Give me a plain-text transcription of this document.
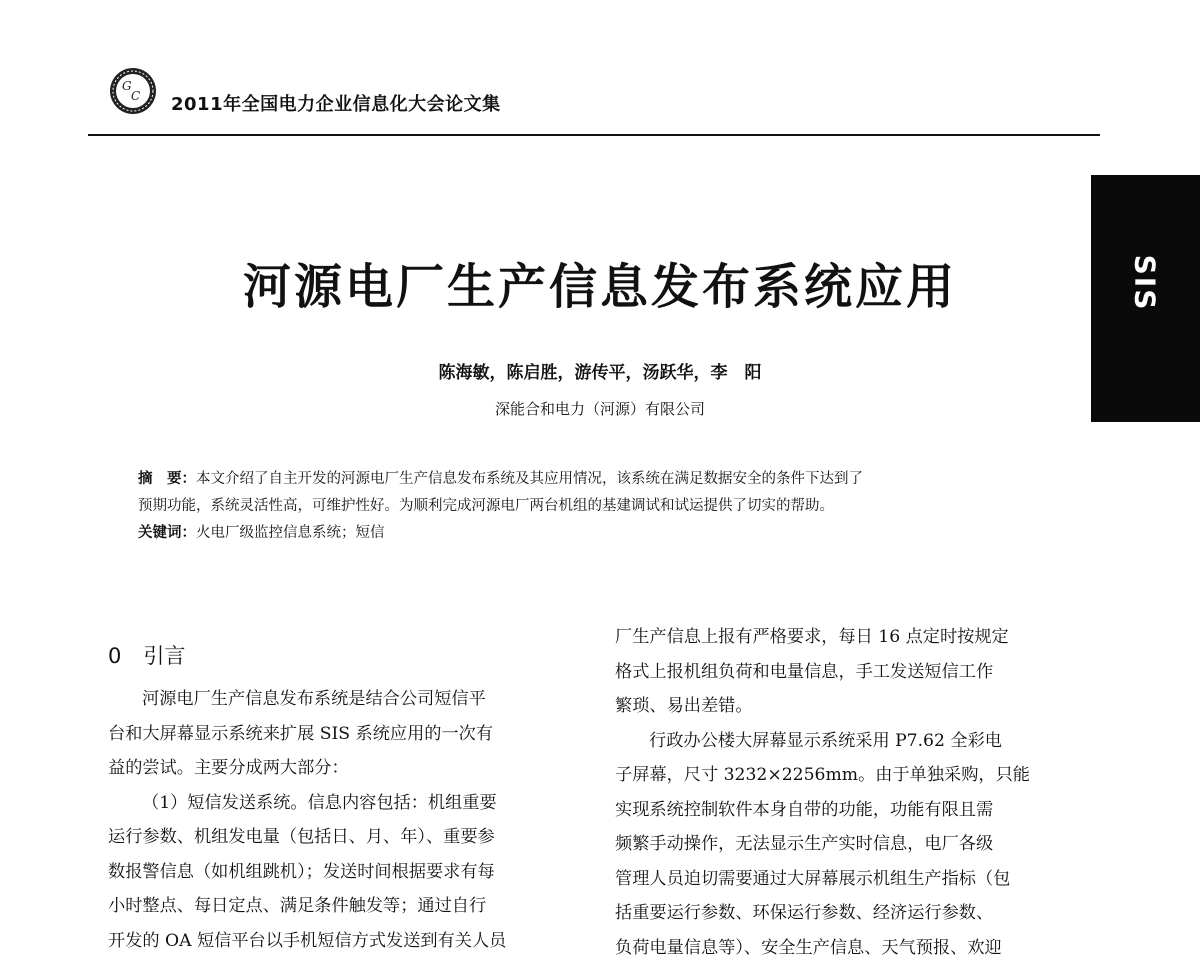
G
C 2011年全国电力企业信息化大会论文集
SIS
河源电厂生产信息发布系统应用
陈海敏，陈启胜，游传平，汤跃华，李　阳
深能合和电力（河源）有限公司
摘　要：本文介绍了自主开发的河源电厂生产信息发布系统及其应用情况，该系统在满足数据安全的条件下达到了
预期功能，系统灵活性高，可维护性好。为顺利完成河源电厂两台机组的基建调试和试运提供了切实的帮助。
关键词：火电厂级监控信息系统；短信
0 引言
河源电厂生产信息发布系统是结合公司短信平
台和大屏幕显示系统来扩展 SIS 系统应用的一次有
益的尝试。主要分成两大部分：
（1）短信发送系统。信息内容包括：机组重要
运行参数、机组发电量（包括日、月、年）、重要参
数报警信息（如机组跳机）；发送时间根据要求有每
小时整点、每日定点、满足条件触发等；通过自行
开发的 OA 短信平台以手机短信方式发送到有关人员
厂生产信息上报有严格要求，每日 16 点定时按规定
格式上报机组负荷和电量信息，手工发送短信工作
繁琐、易出差错。
行政办公楼大屏幕显示系统采用 P7.62 全彩电
子屏幕，尺寸 3232×2256mm。由于单独采购，只能
实现系统控制软件本身自带的功能，功能有限且需
频繁手动操作，无法显示生产实时信息，电厂各级
管理人员迫切需要通过大屏幕展示机组生产指标（包
括重要运行参数、环保运行参数、经济运行参数、
负荷电量信息等）、安全生产信息、天气预报、欢迎
